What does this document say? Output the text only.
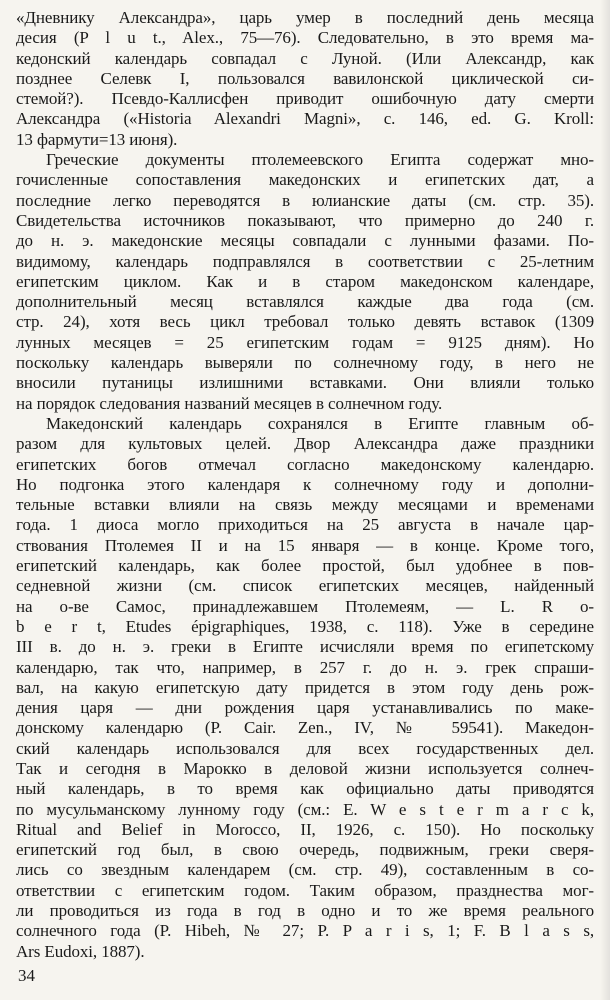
«Дневнику Александра», царь умер в последний день месяца
десия (P l u t., Alex., 75—76). Следовательно, в это время ма-
кедонский календарь совпадал с Луной. (Или Александр, как
позднее Селевк I, пользовался вавилонской циклической си-
стемой?). Псевдо-Каллисфен приводит ошибочную дату смерти
Александра («Historia Alexandri Magni», с. 146, ed. G. Kroll:
13 фармути=13 июня).
Греческие документы птолемеевского Египта содержат мно-
гочисленные сопоставления македонских и египетских дат, а
последние легко переводятся в юлианские даты (см. стр. 35).
Свидетельства источников показывают, что примерно до 240 г.
до н. э. македонские месяцы совпадали с лунными фазами. По-
видимому, календарь подправлялся в соответствии с 25-летним
египетским циклом. Как и в старом македонском календаре,
дополнительный месяц вставлялся каждые два года (см.
стр. 24), хотя весь цикл требовал только девять вставок (1309
лунных месяцев = 25 египетским годам = 9125 дням). Но
поскольку календарь выверяли по солнечному году, в него не
вносили путаницы излишними вставками. Они влияли только
на порядок следования названий месяцев в солнечном году.
Македонский календарь сохранялся в Египте главным об-
разом для культовых целей. Двор Александра даже праздники
египетских богов отмечал согласно македонскому календарю.
Но подгонка этого календаря к солнечному году и дополни-
тельные вставки влияли на связь между месяцами и временами
года. 1 диоса могло приходиться на 25 августа в начале цар-
ствования Птолемея II и на 15 января — в конце. Кроме того,
египетский календарь, как более простой, был удобнее в пов-
седневной жизни (см. список египетских месяцев, найденный
на о-ве Самос, принадлежавшем Птолемеям, — L. R o-
b e r t, Etudes épigraphiques, 1938, с. 118). Уже в середине
III в. до н. э. греки в Египте исчисляли время по египетскому
календарю, так что, например, в 257 г. до н. э. грек спраши-
вал, на какую египетскую дату придется в этом году день рож-
дения царя — дни рождения царя устанавливались по маке-
донскому календарю (P. Cair. Zen., IV, № 59541). Македон-
ский календарь использовался для всех государственных дел.
Так и сегодня в Марокко в деловой жизни используется солнеч-
ный календарь, в то время как официально даты приводятся
по мусульманскому лунному году (см.: E. W e s t e r m a r c k,
Ritual and Belief in Morocco, II, 1926, с. 150). Но поскольку
египетский год был, в свою очередь, подвижным, греки сверя-
лись со звездным календарем (см. стр. 49), составленным в со-
ответствии с египетским годом. Таким образом, празднества мог-
ли проводиться из года в год в одно и то же время реального
солнечного года (P. Hibeh, № 27; P. P a r i s, 1; F. B l a s s,
Ars Eudoxi, 1887).
34
